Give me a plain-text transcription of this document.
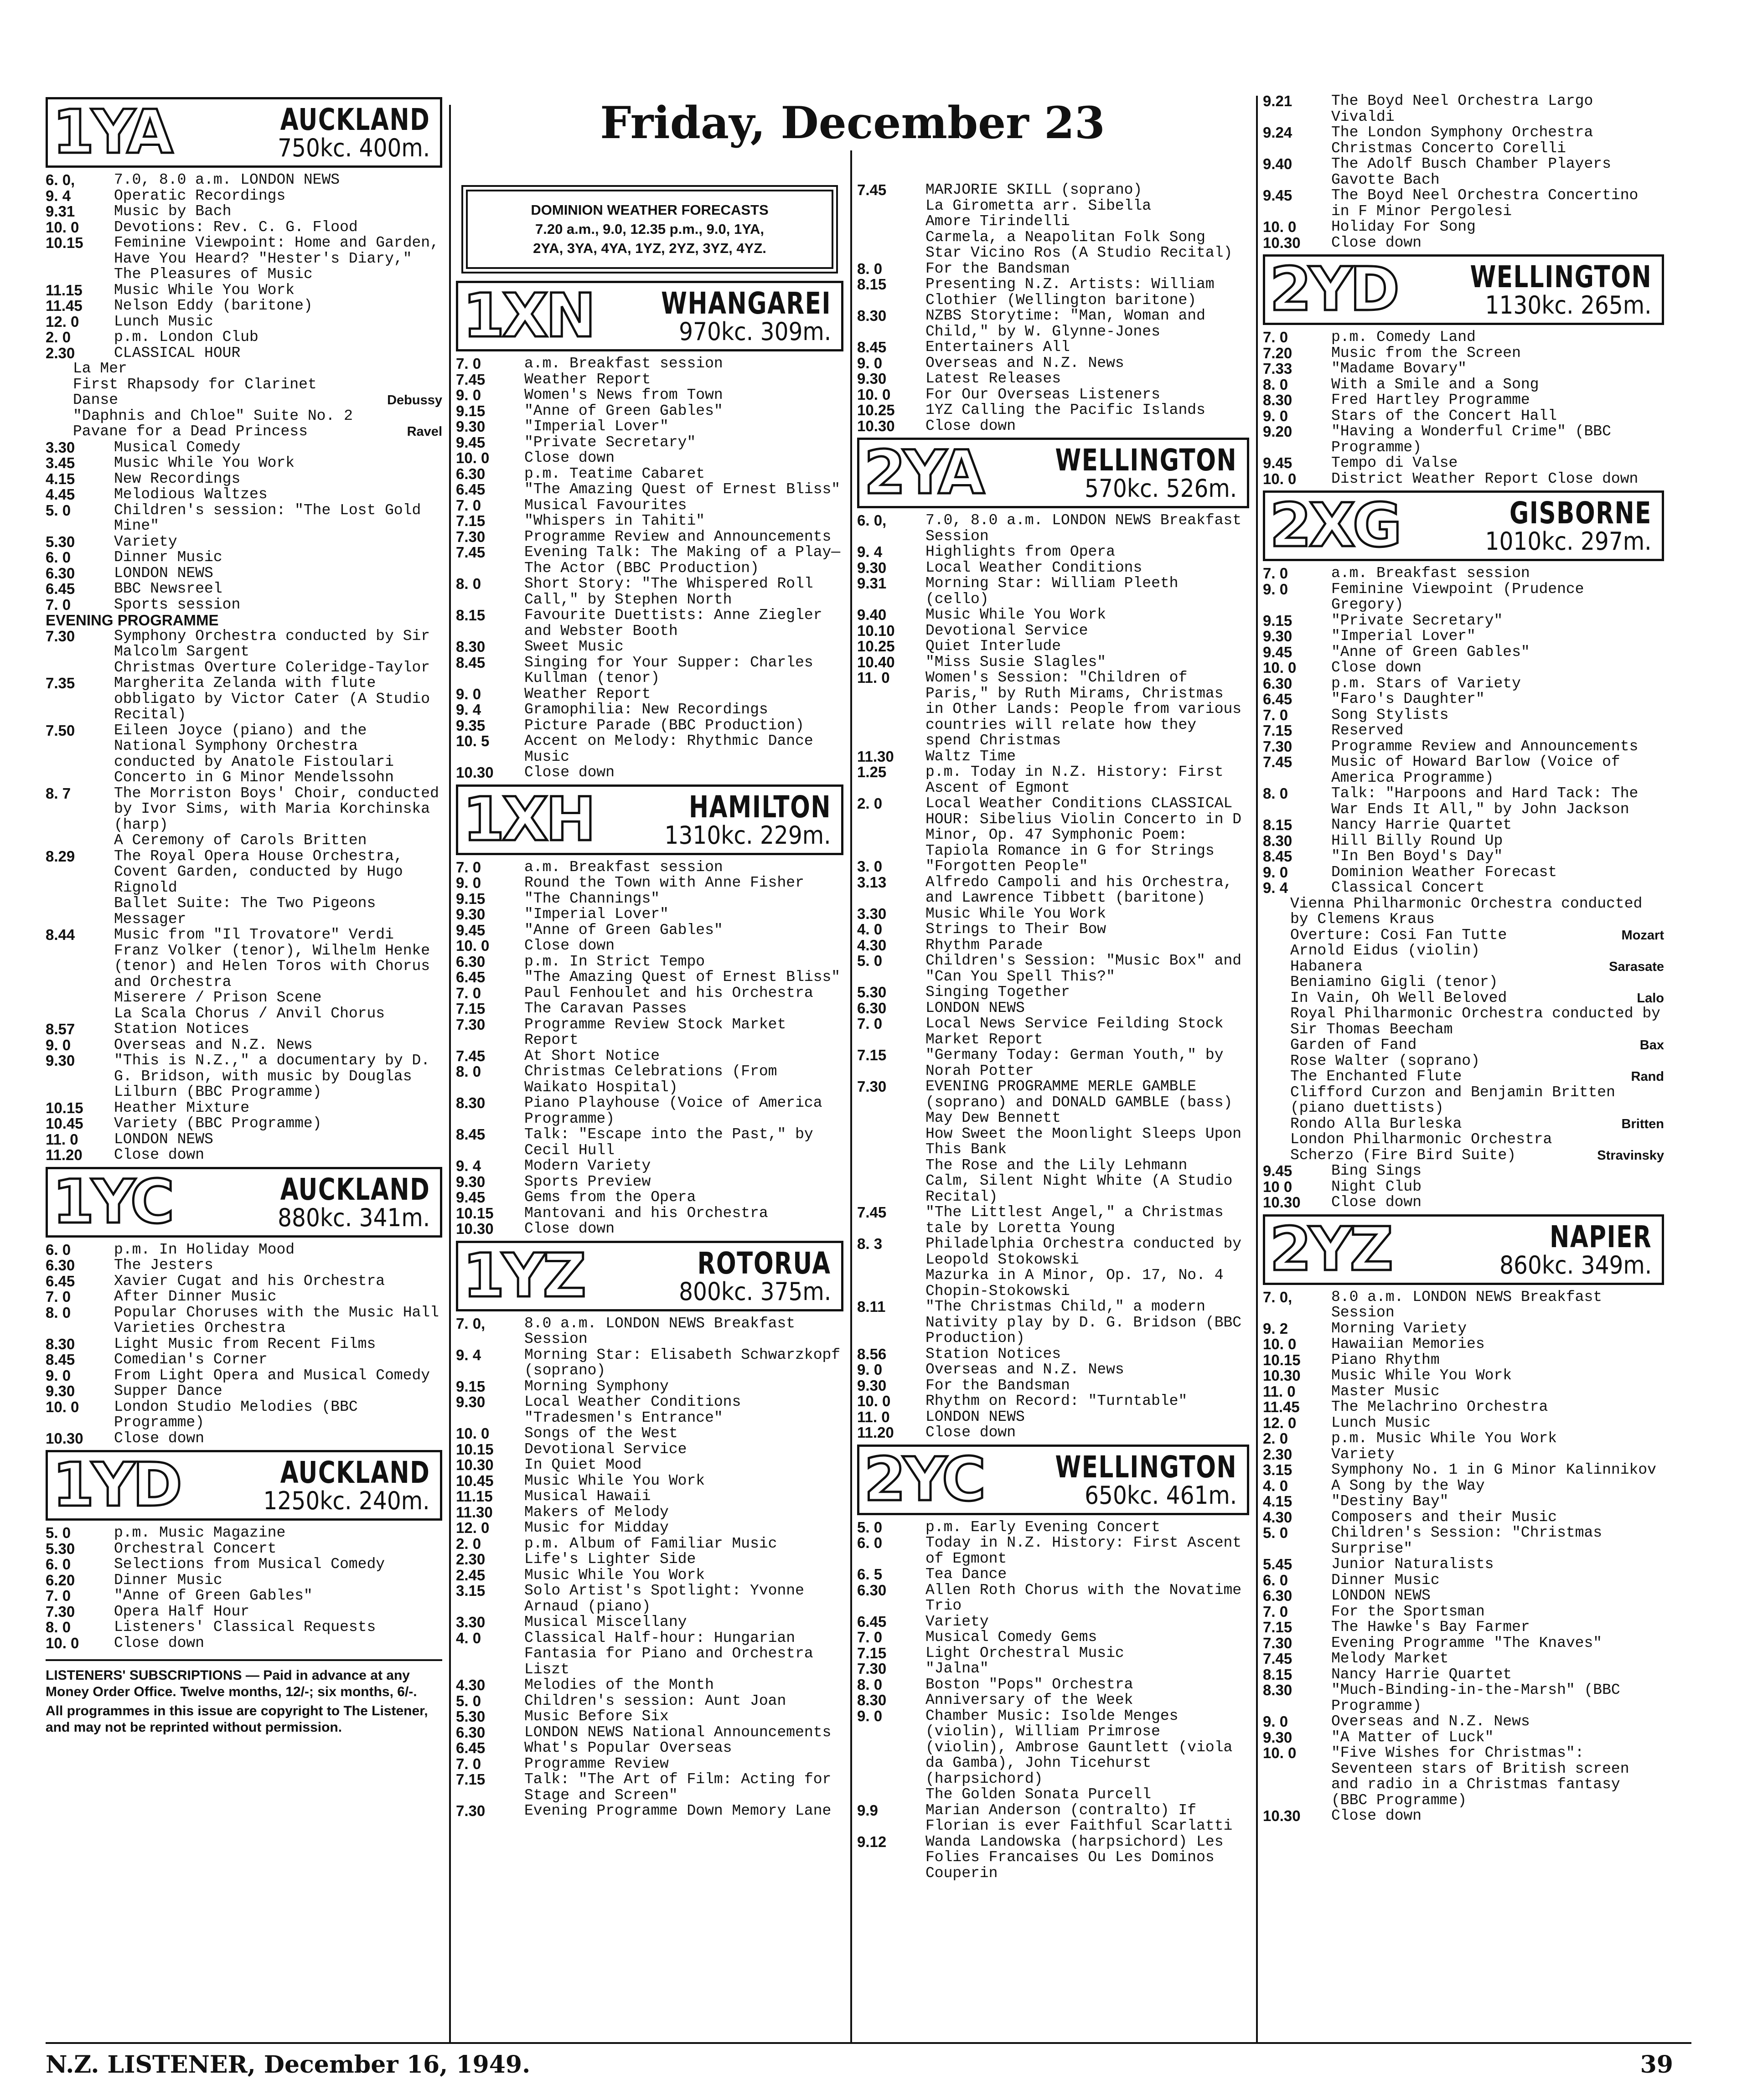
Friday, December 23
1YA	AUCKLAND
750kc. 400m.
6. 0,	7.0, 8.0 a.m. LONDON NEWS
9. 4	Operatic Recordings
9.31	Music by Bach
10. 0	Devotions: Rev. C. G. Flood
10.15	Feminine Viewpoint: Home and Garden, Have You Heard? "Hester's Diary," The Pleasures of Music
11.15	Music While You Work
11.45	Nelson Eddy (baritone)
12. 0	Lunch Music
2. 0	p.m. London Club
2.30	CLASSICAL HOUR
La Mer
First Rhapsody for Clarinet
Danse	Debussy
"Daphnis and Chloe" Suite No. 2
Pavane for a Dead Princess	Ravel
3.30	Musical Comedy
3.45	Music While You Work
4.15	New Recordings
4.45	Melodious Waltzes
5. 0	Children's session: "The Lost Gold Mine"
5.30	Variety
6. 0	Dinner Music
6.30	LONDON NEWS
6.45	BBC Newsreel
7. 0	Sports session
EVENING PROGRAMME
7.30	Symphony Orchestra conducted by Sir Malcolm Sargent
Christmas Overture Coleridge-Taylor
7.35	Margherita Zelanda with flute obbligato by Victor Cater (A Studio Recital)
7.50	Eileen Joyce (piano) and the National Symphony Orchestra conducted by Anatole Fistoulari
Concerto in G Minor Mendelssohn
8. 7	The Morriston Boys' Choir, conducted by Ivor Sims, with Maria Korchinska (harp)
A Ceremony of Carols Britten
8.29	The Royal Opera House Orchestra, Covent Garden, conducted by Hugo Rignold
Ballet Suite: The Two Pigeons Messager
8.44	Music from "Il Trovatore" Verdi Franz Volker (tenor), Wilhelm Henke (tenor) and Helen Toros with Chorus and Orchestra
Miserere / Prison Scene
La Scala Chorus / Anvil Chorus
8.57	Station Notices
9. 0	Overseas and N.Z. News
9.30	"This is N.Z.," a documentary by D. G. Bridson, with music by Douglas Lilburn (BBC Programme)
10.15	Heather Mixture
10.45	Variety (BBC Programme)
11. 0	LONDON NEWS
11.20	Close down
1YC	AUCKLAND
880kc. 341m.
6. 0	p.m. In Holiday Mood
6.30	The Jesters
6.45	Xavier Cugat and his Orchestra
7. 0	After Dinner Music
8. 0	Popular Choruses with the Music Hall Varieties Orchestra
8.30	Light Music from Recent Films
8.45	Comedian's Corner
9. 0	From Light Opera and Musical Comedy
9.30	Supper Dance
10. 0	London Studio Melodies (BBC Programme)
10.30	Close down
1YD	AUCKLAND
1250kc. 240m.
5. 0	p.m. Music Magazine
5.30	Orchestral Concert
6. 0	Selections from Musical Comedy
6.20	Dinner Music
7. 0	"Anne of Green Gables"
7.30	Opera Half Hour
8. 0	Listeners' Classical Requests
10. 0	Close down
LISTENERS' SUBSCRIPTIONS — Paid in advance at any Money Order Office. Twelve months, 12/-; six months, 6/-.
All programmes in this issue are copyright to The Listener, and may not be reprinted without permission.
DOMINION WEATHER FORECASTS
7.20 a.m., 9.0, 12.35 p.m., 9.0, 1YA,
2YA, 3YA, 4YA, 1YZ, 2YZ, 3YZ, 4YZ.
1XN WHANGAREI
970kc. 309m.
7. 0	a.m. Breakfast session
7.45	Weather Report
9. 0	Women's News from Town
9.15	"Anne of Green Gables"
9.30	"Imperial Lover"
9.45	"Private Secretary"
10. 0	Close down
6.30	p.m. Teatime Cabaret
6.45	"The Amazing Quest of Ernest Bliss"
7. 0	Musical Favourites
7.15	"Whispers in Tahiti"
7.30	Programme Review and Announcements
7.45	Evening Talk: The Making of a Play—The Actor (BBC Production)
8. 0	Short Story: "The Whispered Roll Call," by Stephen North
8.15	Favourite Duettists: Anne Ziegler and Webster Booth
8.30	Sweet Music
8.45	Singing for Your Supper: Charles Kullman (tenor)
9. 0	Weather Report
9. 4	Gramophilia: New Recordings
9.35	Picture Parade (BBC Production)
10. 5	Accent on Melody: Rhythmic Dance Music
10.30	Close down
1XH	HAMILTON
1310kc. 229m.
7. 0	a.m. Breakfast session
9. 0	Round the Town with Anne Fisher
9.15	"The Channings"
9.30	"Imperial Lover"
9.45	"Anne of Green Gables"
10. 0	Close down
6.30	p.m. In Strict Tempo
6.45	"The Amazing Quest of Ernest Bliss"
7. 0	Paul Fenhoulet and his Orchestra
7.15	The Caravan Passes
7.30	Programme Review Stock Market Report
7.45	At Short Notice
8. 0	Christmas Celebrations (From Waikato Hospital)
8.30	Piano Playhouse (Voice of America Programme)
8.45	Talk: "Escape into the Past," by Cecil Hull
9. 4	Modern Variety
9.30	Sports Preview
9.45	Gems from the Opera
10.15	Mantovani and his Orchestra
10.30	Close down
1YZ	ROTORUA
800kc. 375m.
7. 0,	8.0 a.m. LONDON NEWS Breakfast Session
9. 4	Morning Star: Elisabeth Schwarzkopf (soprano)
9.15	Morning Symphony
9.30	Local Weather Conditions "Tradesmen's Entrance"
10. 0	Songs of the West
10.15	Devotional Service
10.30	In Quiet Mood
10.45	Music While You Work
11.15	Musical Hawaii
11.30	Makers of Melody
12. 0	Music for Midday
2. 0	p.m. Album of Familiar Music
2.30	Life's Lighter Side
2.45	Music While You Work
3.15	Solo Artist's Spotlight: Yvonne Arnaud (piano)
3.30	Musical Miscellany
4. 0	Classical Half-hour: Hungarian Fantasia for Piano and Orchestra Liszt
4.30	Melodies of the Month
5. 0	Children's session: Aunt Joan
5.30	Music Before Six
6.30	LONDON NEWS National Announcements
6.45	What's Popular Overseas
7. 0	Programme Review
7.15	Talk: "The Art of Film: Acting for Stage and Screen"
7.30	Evening Programme Down Memory Lane
7.45	MARJORIE SKILL (soprano)
La Girometta arr. Sibella
Amore Tirindelli
Carmela, a Neapolitan Folk Song
Star Vicino Ros (A Studio Recital)
8. 0	For the Bandsman
8.15	Presenting N.Z. Artists: William Clothier (Wellington baritone)
8.30	NZBS Storytime: "Man, Woman and Child," by W. Glynne-Jones
8.45	Entertainers All
9. 0	Overseas and N.Z. News
9.30	Latest Releases
10. 0	For Our Overseas Listeners
10.25	1YZ Calling the Pacific Islands
10.30	Close down
2YA WELLINGTON
570kc. 526m.
6. 0,	7.0, 8.0 a.m. LONDON NEWS Breakfast Session
9. 4	Highlights from Opera
9.30	Local Weather Conditions
9.31	Morning Star: William Pleeth (cello)
9.40	Music While You Work
10.10	Devotional Service
10.25	Quiet Interlude
10.40	"Miss Susie Slagles"
11. 0	Women's Session: "Children of Paris," by Ruth Mirams, Christmas in Other Lands: People from various countries will relate how they spend Christmas
11.30	Waltz Time
1.25	p.m. Today in N.Z. History: First Ascent of Egmont
2. 0	Local Weather Conditions CLASSICAL HOUR: Sibelius Violin Concerto in D Minor, Op. 47 Symphonic Poem: Tapiola Romance in G for Strings
3. 0	"Forgotten People"
3.13	Alfredo Campoli and his Orchestra, and Lawrence Tibbett (baritone)
3.30	Music While You Work
4. 0	Strings to Their Bow
4.30	Rhythm Parade
5. 0	Children's Session: "Music Box" and "Can You Spell This?"
5.30	Singing Together
6.30	LONDON NEWS
7. 0	Local News Service Feilding Stock Market Report
7.15	"Germany Today: German Youth," by Norah Potter
7.30	EVENING PROGRAMME MERLE GAMBLE (soprano) and DONALD GAMBLE (bass)
May Dew Bennett
How Sweet the Moonlight Sleeps Upon This Bank
The Rose and the Lily Lehmann
Calm, Silent Night White (A Studio Recital)
7.45	"The Littlest Angel," a Christmas tale by Loretta Young
8. 3	Philadelphia Orchestra conducted by Leopold Stokowski
Mazurka in A Minor, Op. 17, No. 4 Chopin-Stokowski
8.11	"The Christmas Child," a modern Nativity play by D. G. Bridson (BBC Production)
8.56	Station Notices
9. 0	Overseas and N.Z. News
9.30	For the Bandsman
10. 0	Rhythm on Record: "Turntable"
11. 0	LONDON NEWS
11.20	Close down
2YC WELLINGTON
650kc. 461m.
5. 0	p.m. Early Evening Concert
6. 0	Today in N.Z. History: First Ascent of Egmont
6. 5	Tea Dance
6.30	Allen Roth Chorus with the Novatime Trio
6.45	Variety
7. 0	Musical Comedy Gems
7.15	Light Orchestral Music
7.30	"Jalna"
8. 0	Boston "Pops" Orchestra
8.30	Anniversary of the Week
9. 0	Chamber Music: Isolde Menges (violin), William Primrose (violin), Ambrose Gauntlett (viola da Gamba), John Ticehurst (harpsichord)
The Golden Sonata Purcell
9.9	Marian Anderson (contralto) If Florian is ever Faithful Scarlatti
9.12	Wanda Landowska (harpsichord) Les Folies Francaises Ou Les Dominos Couperin
9.21	The Boyd Neel Orchestra Largo Vivaldi
9.24	The London Symphony Orchestra Christmas Concerto Corelli
9.40	The Adolf Busch Chamber Players Gavotte Bach
9.45	The Boyd Neel Orchestra Concertino in F Minor Pergolesi
10. 0	Holiday For Song
10.30	Close down
2YD WELLINGTON
1130kc. 265m.
7. 0	p.m. Comedy Land
7.20	Music from the Screen
7.33	"Madame Bovary"
8. 0	With a Smile and a Song
8.30	Fred Hartley Programme
9. 0	Stars of the Concert Hall
9.20	"Having a Wonderful Crime" (BBC Programme)
9.45	Tempo di Valse
10. 0	District Weather Report Close down
2XG	GISBORNE
1010kc. 297m.
7. 0	a.m. Breakfast session
9. 0	Feminine Viewpoint (Prudence Gregory)
9.15	"Private Secretary"
9.30	"Imperial Lover"
9.45	"Anne of Green Gables"
10. 0	Close down
6.30	p.m. Stars of Variety
6.45	"Faro's Daughter"
7. 0	Song Stylists
7.15	Reserved
7.30	Programme Review and Announcements
7.45	Music of Howard Barlow (Voice of America Programme)
8. 0	Talk: "Harpoons and Hard Tack: The War Ends It All," by John Jackson
8.15	Nancy Harrie Quartet
8.30	Hill Billy Round Up
8.45	"In Ben Boyd's Day"
9. 0	Dominion Weather Forecast
9. 4	Classical Concert
Vienna Philharmonic Orchestra conducted by Clemens Kraus
Overture: Cosi Fan Tutte	Mozart
Arnold Eidus (violin)
Habanera	Sarasate
Beniamino Gigli (tenor)
In Vain, Oh Well Beloved	Lalo
Royal Philharmonic Orchestra conducted by Sir Thomas Beecham
Garden of Fand	Bax
Rose Walter (soprano)
The Enchanted Flute	Rand
Clifford Curzon and Benjamin Britten (piano duettists)
Rondo Alla Burleska	Britten
London Philharmonic Orchestra
Scherzo (Fire Bird Suite)	Stravinsky
9.45	Bing Sings
10 0	Night Club
10.30	Close down
2YZ	NAPIER
860kc. 349m.
7. 0,	8.0 a.m. LONDON NEWS Breakfast Session
9. 2	Morning Variety
10. 0	Hawaiian Memories
10.15	Piano Rhythm
10.30	Music While You Work
11. 0	Master Music
11.45	The Melachrino Orchestra
12. 0	Lunch Music
2. 0	p.m. Music While You Work
2.30	Variety
3.15	Symphony No. 1 in G Minor Kalinnikov
4. 0	A Song by the Way
4.15	"Destiny Bay"
4.30	Composers and their Music
5. 0	Children's Session: "Christmas Surprise"
5.45	Junior Naturalists
6. 0	Dinner Music
6.30	LONDON NEWS
7. 0	For the Sportsman
7.15	The Hawke's Bay Farmer
7.30	Evening Programme "The Knaves"
7.45	Melody Market
8.15	Nancy Harrie Quartet
8.30	"Much-Binding-in-the-Marsh" (BBC Programme)
9. 0	Overseas and N.Z. News
9.30	"A Matter of Luck"
10. 0	"Five Wishes for Christmas": Seventeen stars of British screen and radio in a Christmas fantasy (BBC Programme)
10.30	Close down
N.Z. LISTENER, December 16, 1949.	39
